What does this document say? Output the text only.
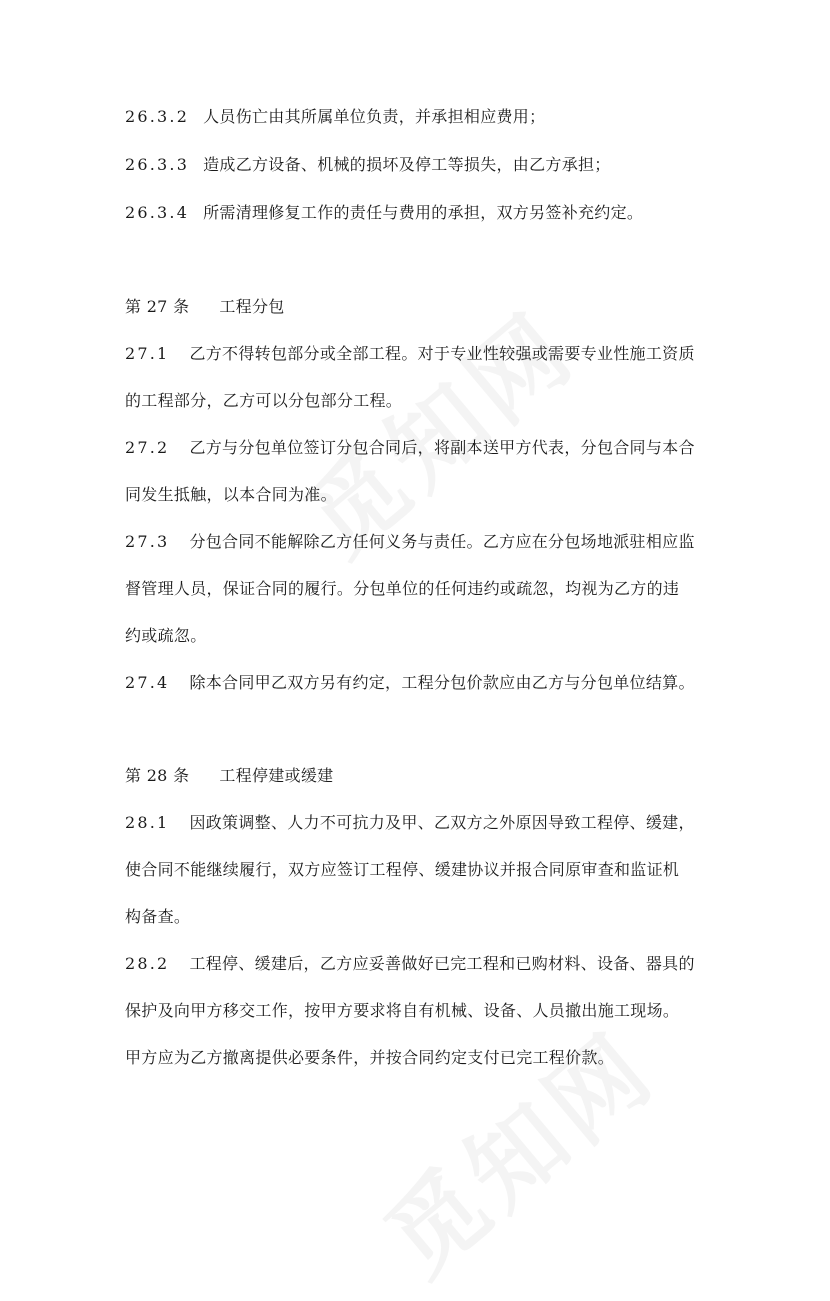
26.3.2 人员伤亡由其所属单位负责，并承担相应费用；
26.3.3 造成乙方设备、机械的损坏及停工等损失，由乙方承担；
26.3.4 所需清理修复工作的责任与费用的承担，双方另签补充约定。
第 27 条 工程分包
27.1 乙方不得转包部分或全部工程。对于专业性较强或需要专业性施工资质
的工程部分，乙方可以分包部分工程。
27.2 乙方与分包单位签订分包合同后，将副本送甲方代表，分包合同与本合
同发生抵触，以本合同为准。
27.3 分包合同不能解除乙方任何义务与责任。乙方应在分包场地派驻相应监
督管理人员，保证合同的履行。分包单位的任何违约或疏忽，均视为乙方的违
约或疏忽。
27.4 除本合同甲乙双方另有约定，工程分包价款应由乙方与分包单位结算。
第 28 条 工程停建或缓建
28.1 因政策调整、人力不可抗力及甲、乙双方之外原因导致工程停、缓建，
使合同不能继续履行，双方应签订工程停、缓建协议并报合同原审查和监证机
构备查。
28.2 工程停、缓建后，乙方应妥善做好已完工程和已购材料、设备、器具的
保护及向甲方移交工作，按甲方要求将自有机械、设备、人员撤出施工现场。
甲方应为乙方撤离提供必要条件，并按合同约定支付已完工程价款。
